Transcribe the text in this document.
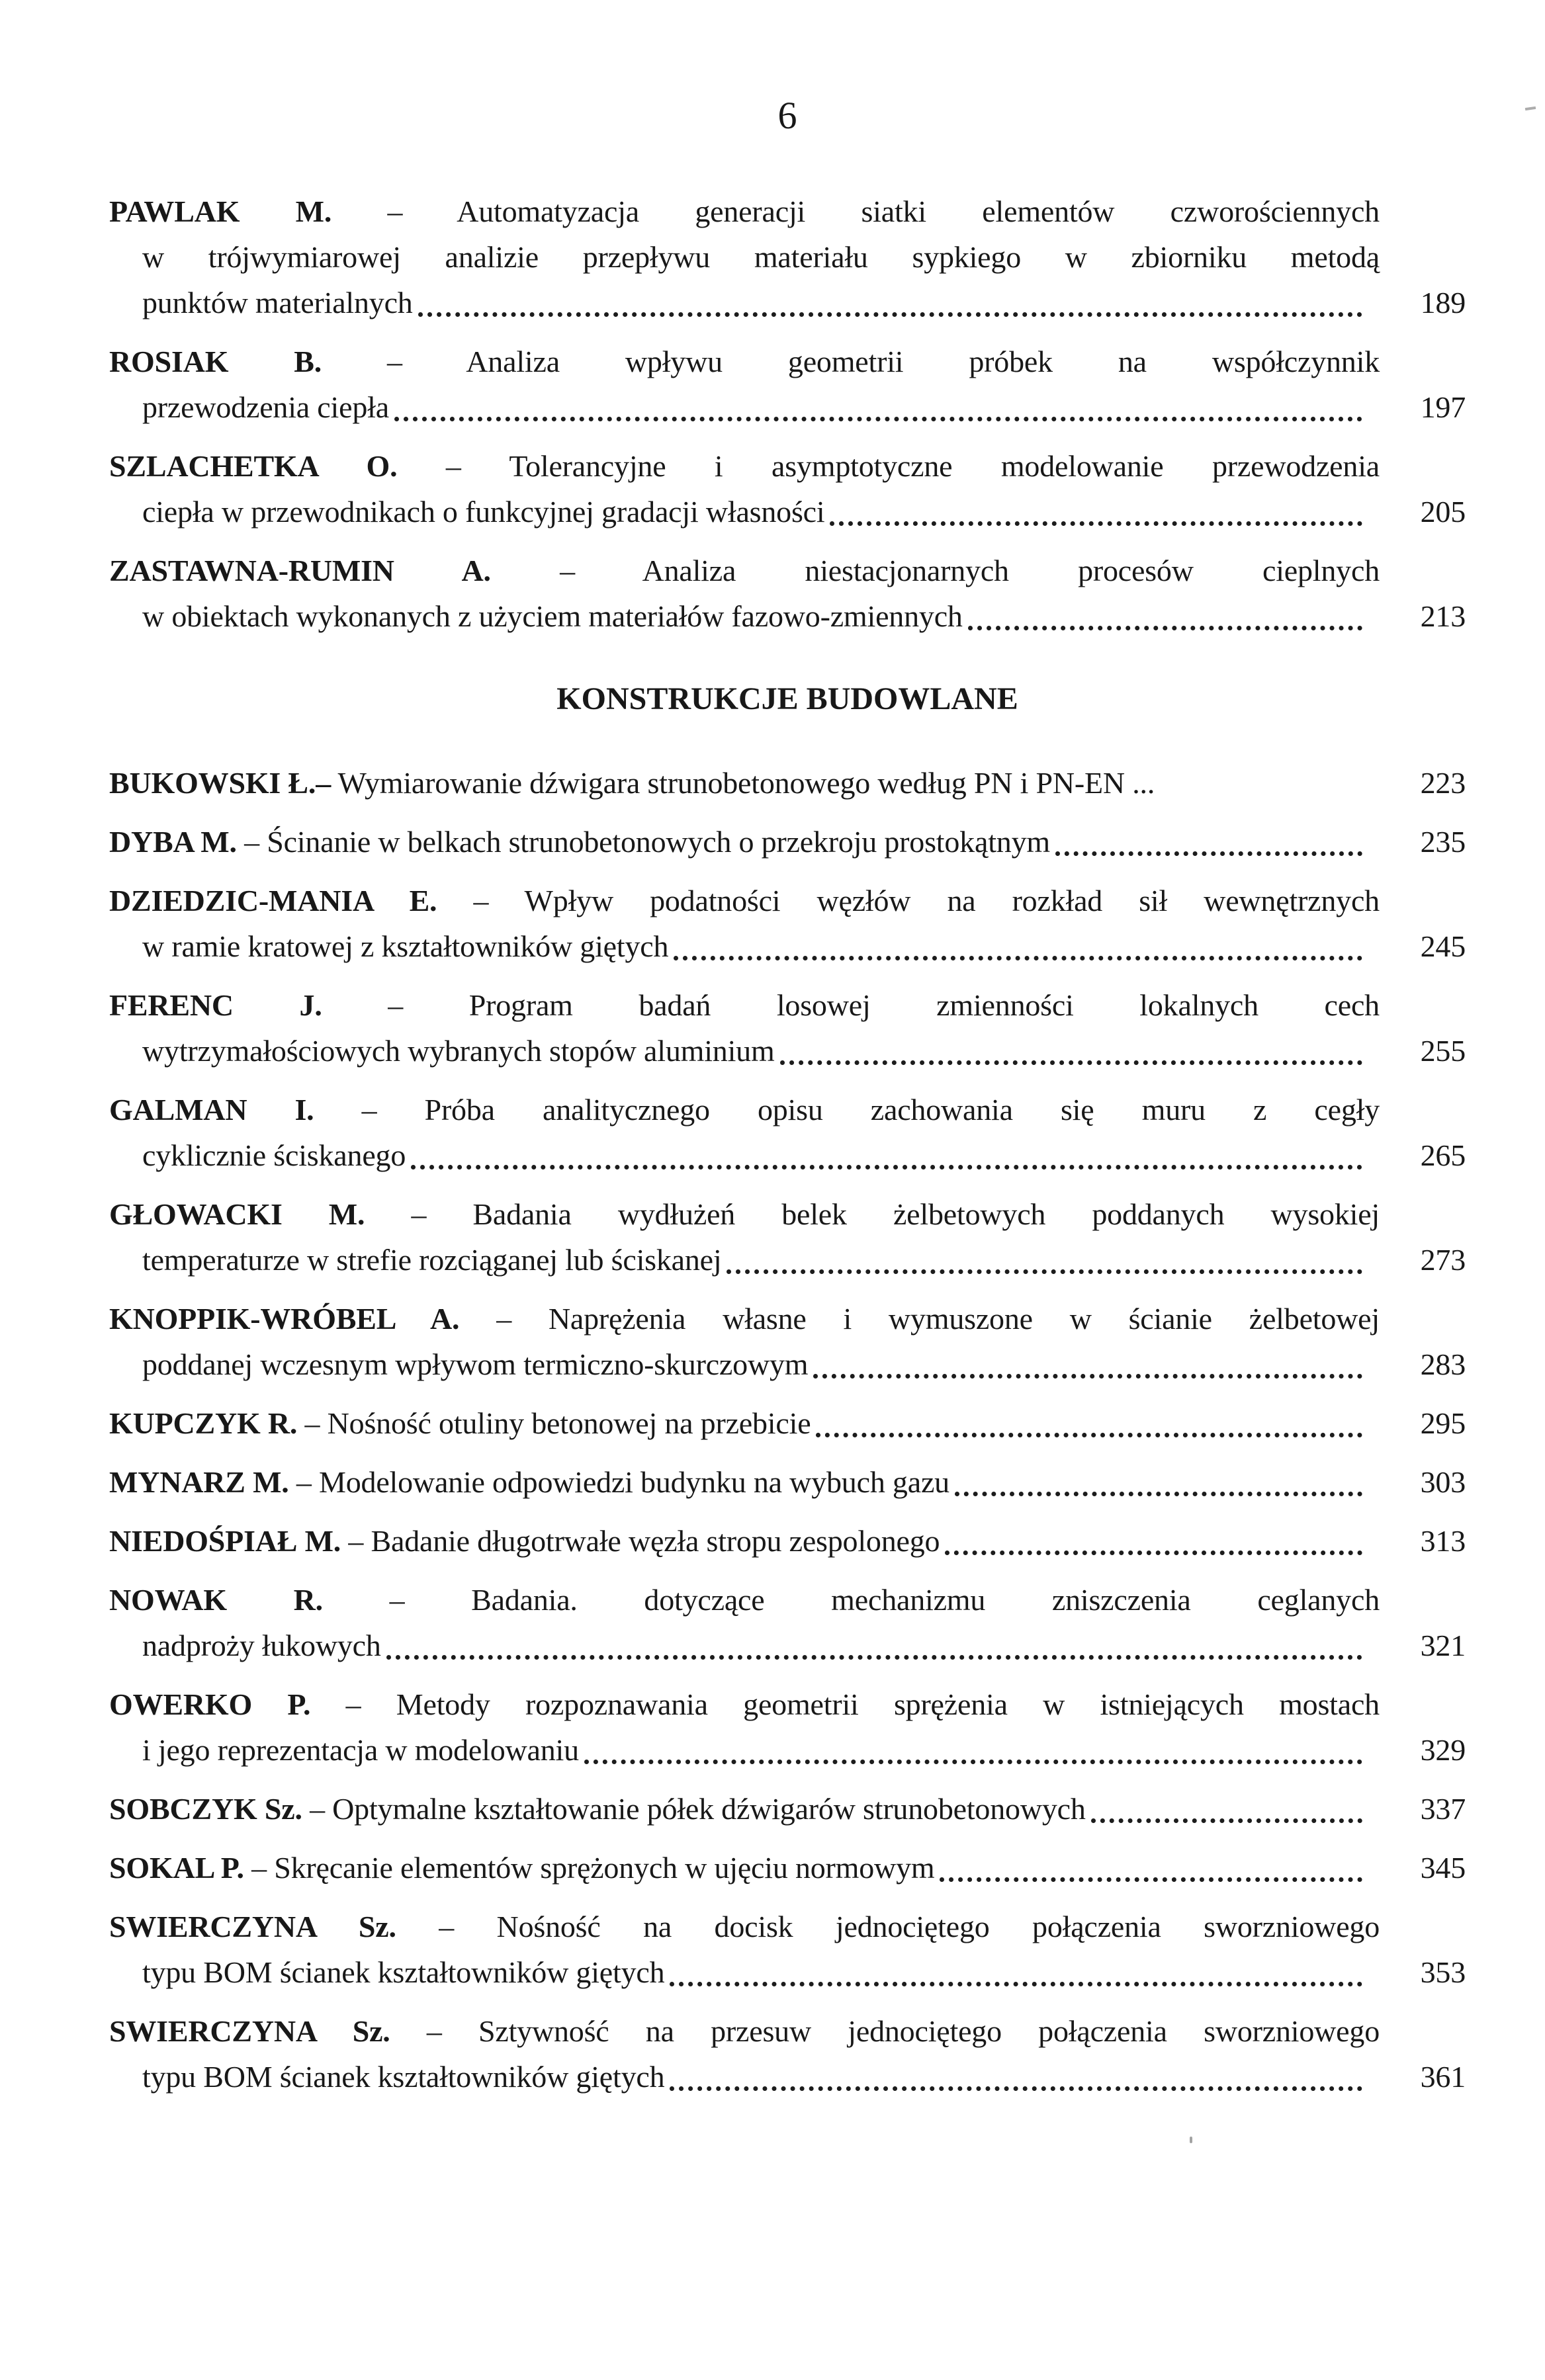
6
PAWLAK M. – Automatyzacja generacji siatki elementów czworościennych
w trójwymiarowej analizie przepływu materiału sypkiego w zbiorniku metodą
punktów materialnych	189
ROSIAK B. – Analiza wpływu geometrii próbek na współczynnik
przewodzenia ciepła	197
SZLACHETKA O. – Tolerancyjne i asymptotyczne modelowanie przewodzenia
ciepła w przewodnikach o funkcyjnej gradacji własności	205
ZASTAWNA-RUMIN A. – Analiza niestacjonarnych procesów cieplnych
w obiektach wykonanych z użyciem materiałów fazowo-zmiennych	213
KONSTRUKCJE BUDOWLANE
BUKOWSKI Ł.– Wymiarowanie dźwigara strunobetonowego według PN i PN-EN ...	223
DYBA M. – Ścinanie w belkach strunobetonowych o przekroju prostokątnym	235
DZIEDZIC-MANIA E. – Wpływ podatności węzłów na rozkład sił wewnętrznych
w ramie kratowej z kształtowników giętych	245
FERENC J. – Program badań losowej zmienności lokalnych cech
wytrzymałościowych wybranych stopów aluminium	255
GALMAN I. – Próba analitycznego opisu zachowania się muru z cegły
cyklicznie ściskanego	265
GŁOWACKI M. – Badania wydłużeń belek żelbetowych poddanych wysokiej
temperaturze w strefie rozciąganej lub ściskanej	273
KNOPPIK-WRÓBEL A. – Naprężenia własne i wymuszone w ścianie żelbetowej
poddanej wczesnym wpływom termiczno-skurczowym	283
KUPCZYK R. – Nośność otuliny betonowej na przebicie	295
MYNARZ M. – Modelowanie odpowiedzi budynku na wybuch gazu	303
NIEDOŚPIAŁ M. – Badanie długotrwałe węzła stropu zespolonego	313
NOWAK R. – Badania. dotyczące mechanizmu zniszczenia ceglanych
nadproży łukowych	321
OWERKO P. – Metody rozpoznawania geometrii sprężenia w istniejących mostach
i jego reprezentacja w modelowaniu	329
SOBCZYK Sz. – Optymalne kształtowanie półek dźwigarów strunobetonowych	337
SOKAL P. – Skręcanie elementów sprężonych w ujęciu normowym	345
SWIERCZYNA Sz. – Nośność na docisk jednociętego połączenia sworzniowego
typu BOM ścianek kształtowników giętych	353
SWIERCZYNA Sz. – Sztywność na przesuw jednociętego połączenia sworzniowego
typu BOM ścianek kształtowników giętych	361
